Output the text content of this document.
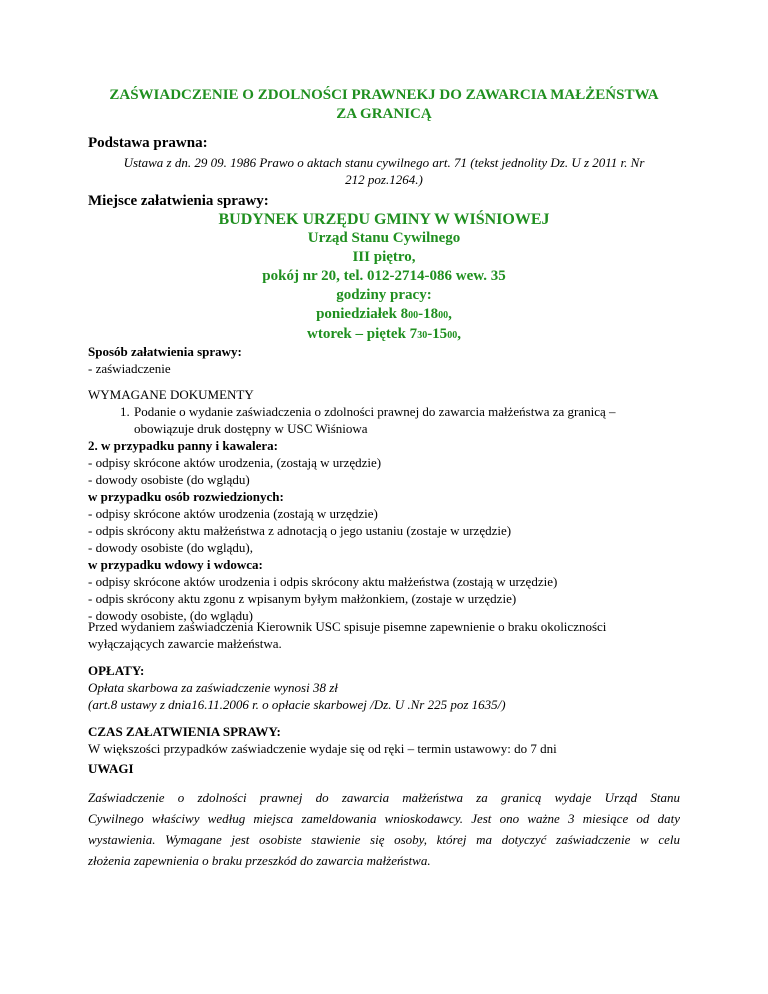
ZAŚWIADCZENIE O ZDOLNOŚCI PRAWNEKJ DO ZAWARCIA MAŁŻEŃSTWA
ZA GRANICĄ
Podstawa prawna:
Ustawa z dn. 29 09. 1986 Prawo o aktach stanu cywilnego art. 71 (tekst jednolity Dz. U z 2011 r. Nr
212 poz.1264.)
Miejsce załatwienia sprawy:
BUDYNEK URZĘDU GMINY W WIŚNIOWEJ
Urząd Stanu Cywilnego
III piętro,
pokój nr 20, tel. 012-2714-086 wew. 35
godziny pracy:
poniedziałek 800-1800,
wtorek – piętek 730-1500,
Sposób załatwienia sprawy:
- zaświadczenie
WYMAGANE DOKUMENTY
1. Podanie o wydanie zaświadczenia o zdolności prawnej do zawarcia małżeństwa za granicą –
obowiązuje druk dostępny w USC Wiśniowa
2. w przypadku panny i kawalera:
- odpisy skrócone aktów urodzenia, (zostają w urzędzie)
- dowody osobiste (do wglądu)
w przypadku osób rozwiedzionych:
- odpisy skrócone aktów urodzenia (zostają w urzędzie)
- odpis skrócony aktu małżeństwa z adnotacją o jego ustaniu (zostaje w urzędzie)
- dowody osobiste (do wglądu),
w przypadku wdowy i wdowca:
- odpisy skrócone aktów urodzenia i odpis skrócony aktu małżeństwa (zostają w urzędzie)
- odpis skrócony aktu zgonu z wpisanym byłym małżonkiem, (zostaje w urzędzie)
- dowody osobiste, (do wglądu)
Przed wydaniem zaświadczenia Kierownik USC spisuje pisemne zapewnienie o braku okoliczności
wyłączających zawarcie małżeństwa.
OPŁATY:
Opłata skarbowa za zaświadczenie wynosi 38 zł
(art.8 ustawy z dnia16.11.2006 r. o opłacie skarbowej /Dz. U .Nr 225 poz 1635/)
CZAS ZAŁATWIENIA SPRAWY:
W większości przypadków zaświadczenie wydaje się od ręki – termin ustawowy: do 7 dni
UWAGI
Zaświadczenie o zdolności prawnej do zawarcia małżeństwa za granicą wydaje Urząd Stanu
Cywilnego właściwy według miejsca zameldowania wnioskodawcy. Jest ono ważne 3 miesiące od daty
wystawienia. Wymagane jest osobiste stawienie się osoby, której ma dotyczyć zaświadczenie w celu
złożenia zapewnienia o braku przeszkód do zawarcia małżeństwa.
